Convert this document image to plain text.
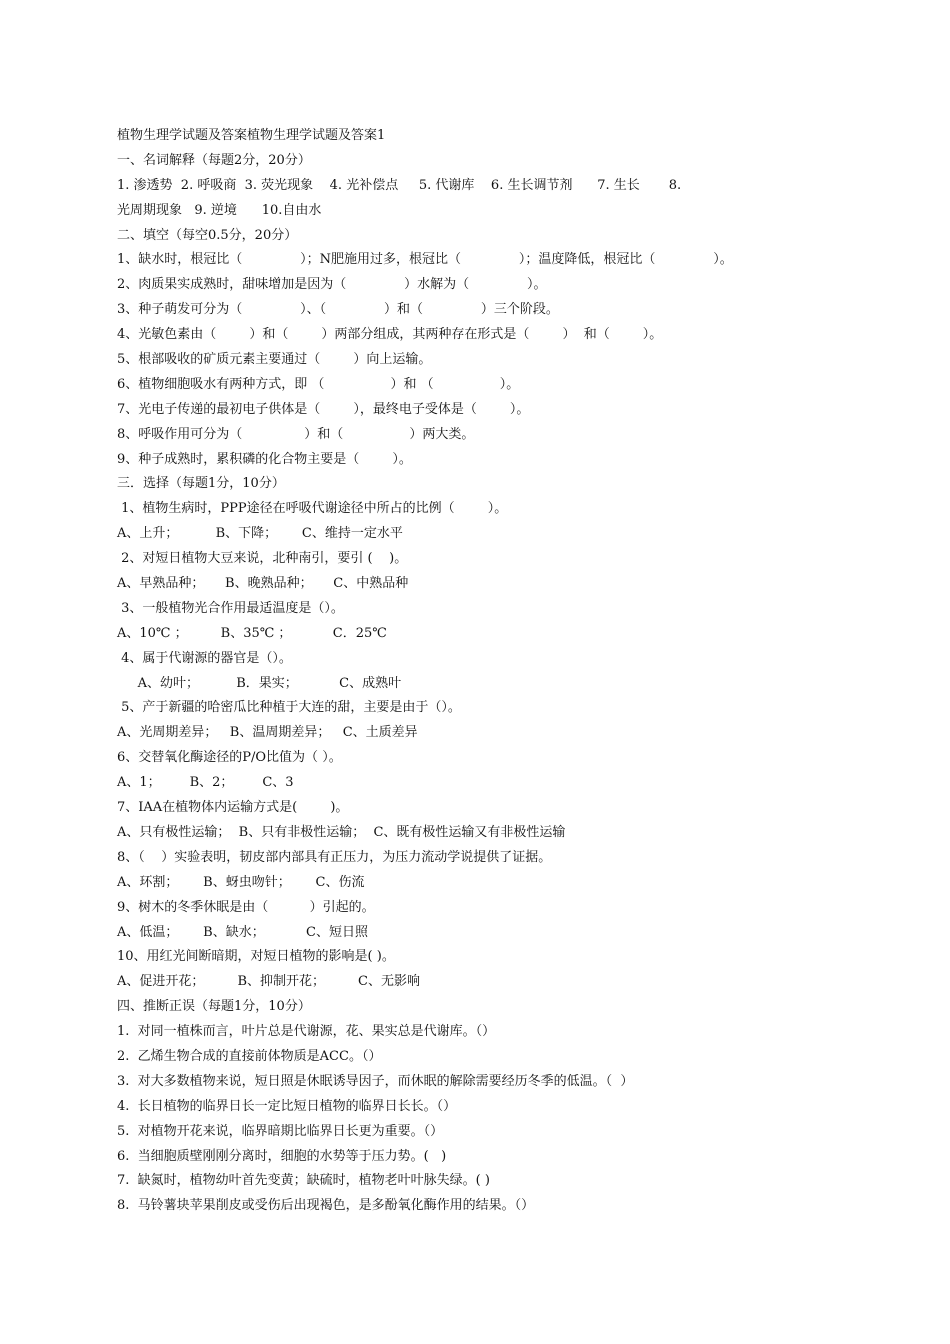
植物生理学试题及答案植物生理学试题及答案1
一、名词解释（每题2分，20分）
1. 渗透势  2. 呼吸商  3. 荧光现象    4. 光补偿点     5. 代谢库    6. 生长调节剂      7. 生长       8.
光周期现象   9. 逆境      10.自由水
二、填空（每空0.5分，20分）
1、缺水时，根冠比（              ）；N肥施用过多，根冠比（              ）；温度降低，根冠比（              ）。
2、肉质果实成熟时，甜味增加是因为（              ）水解为（              ）。
3、种子萌发可分为（              ）、（              ）和（              ）三个阶段。
4、光敏色素由（        ）和（        ）两部分组成，其两种存在形式是（        ）  和（        ）。
5、根部吸收的矿质元素主要通过（        ）向上运输。
6、植物细胞吸水有两种方式，即 （                ）和 （                ）。
7、光电子传递的最初电子供体是（        ），最终电子受体是（        ）。
8、呼吸作用可分为（               ）和（                ）两大类。
9、种子成熟时，累积磷的化合物主要是（        ）。
三．选择（每题1分，10分）
1、植物生病时，PPP途径在呼吸代谢途径中所占的比例（        ）。
A、上升；         B、下降；      C、维持一定水平
2、对短日植物大豆来说，北种南引，要引 (    )。
A、早熟品种；     B、晚熟品种；     C、中熟品种
3、一般植物光合作用最适温度是（）。
A、10℃ ；        B、35℃ ；          C．25℃
4、属于代谢源的器官是（）。
A、幼叶；         B．果实；          C、成熟叶
5、产于新疆的哈密瓜比种植于大连的甜，主要是由于（）。
A、光周期差异；   B、温周期差异；   C、土质差异
6、交替氧化酶途径的P/O比值为（ ）。
A、1；       B、2；       C、3
7、IAA在植物体内运输方式是(        )。
A、只有极性运输；  B、只有非极性运输；  C、既有极性运输又有非极性运输
8、（    ）实验表明，韧皮部内部具有正压力，为压力流动学说提供了证据。
A、环割；      B、蚜虫吻针；      C、伤流
9、树木的冬季休眠是由（          ）引起的。
A、低温；      B、缺水；          C、短日照
10、用红光间断暗期，对短日植物的影响是( )。
A、促进开花；        B、抑制开花；        C、无影响
四、推断正误（每题1分，10分）
1.  对同一植株而言，叶片总是代谢源，花、果实总是代谢库。（）
2.  乙烯生物合成的直接前体物质是ACC。（）
3.  对大多数植物来说，短日照是休眠诱导因子，而休眠的解除需要经历冬季的低温。（  ）
4.  长日植物的临界日长一定比短日植物的临界日长长。（）
5.  对植物开花来说，临界暗期比临界日长更为重要。（）
6.  当细胞质壁刚刚分离时，细胞的水势等于压力势。(   )
7.  缺氮时，植物幼叶首先变黄；缺硫时，植物老叶叶脉失绿。( )
8.  马铃薯块苹果削皮或受伤后出现褐色，是多酚氧化酶作用的结果。（）
